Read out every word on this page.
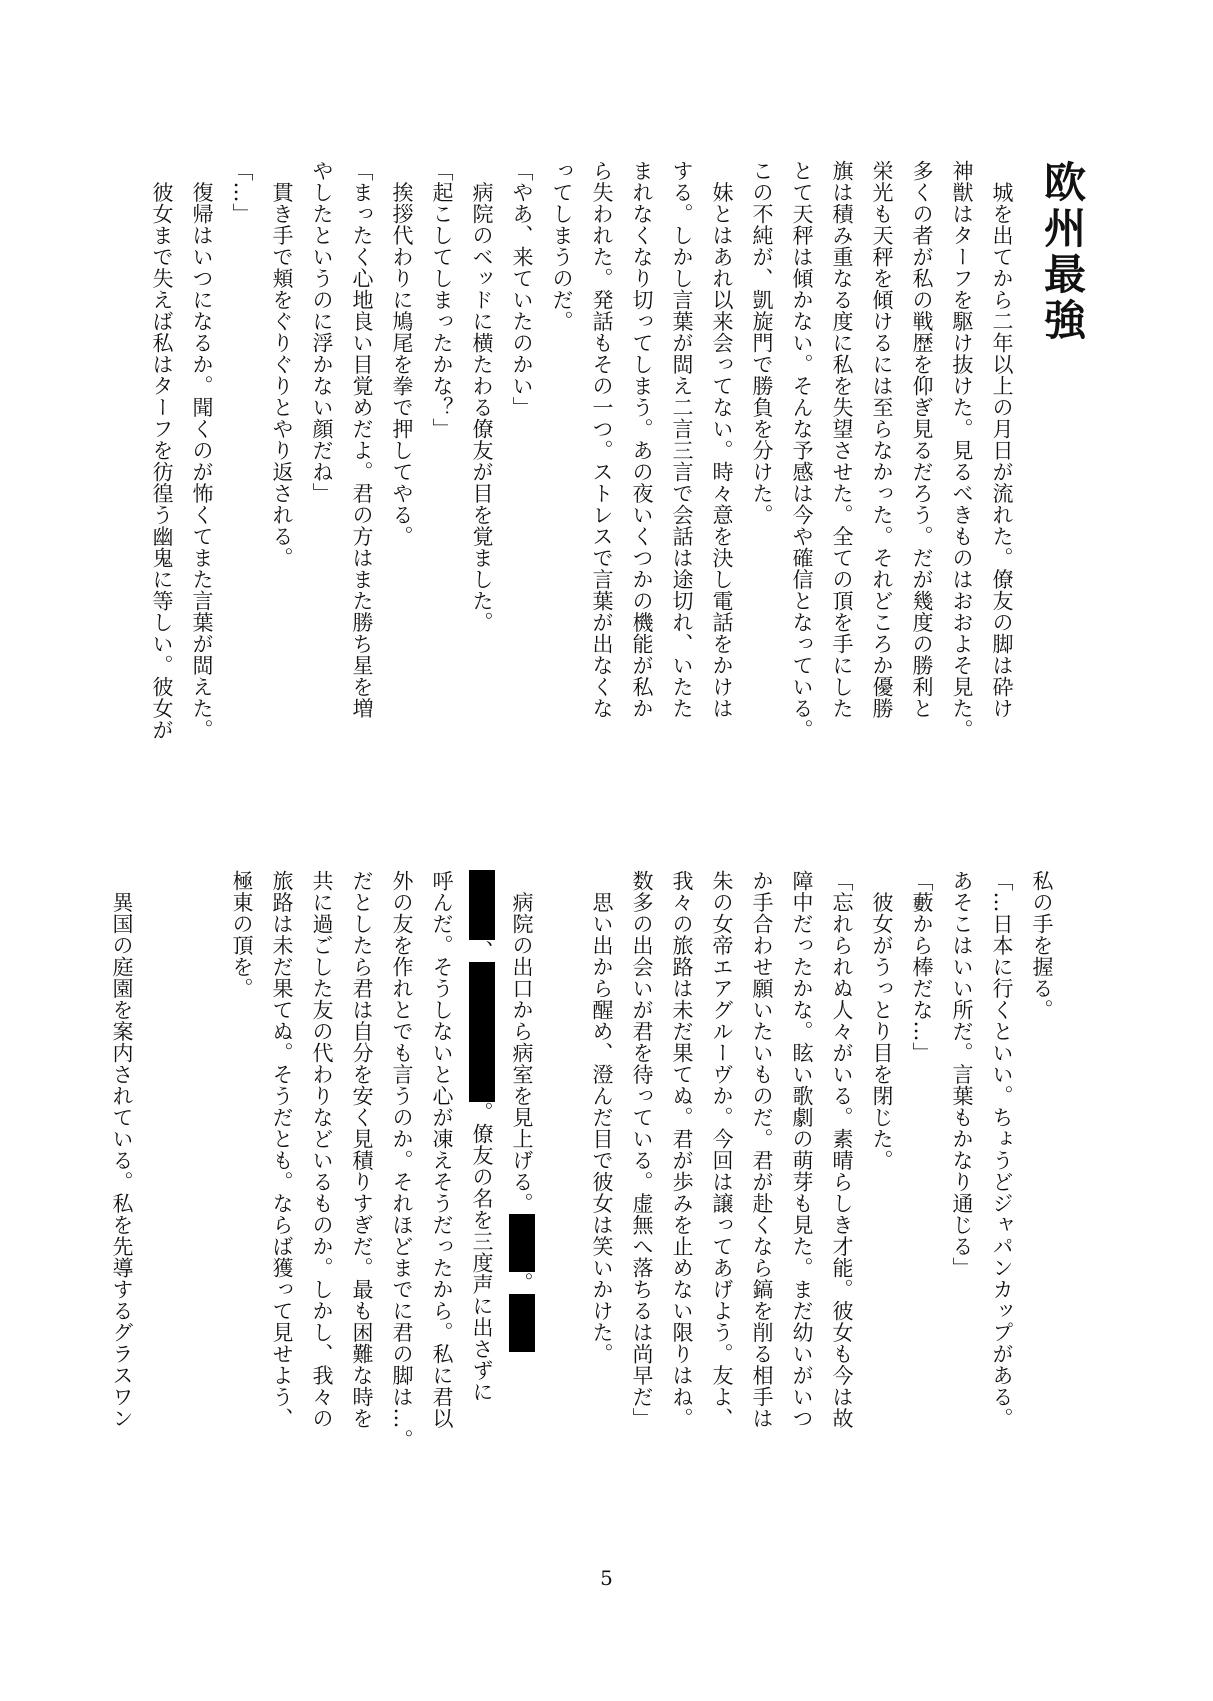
欧州最強

　城を出てから二年以上の月日が流れた。僚友の脚は砕け

神獣はターフを駆け抜けた。見るべきものはおおよそ見た。

多くの者が私の戦歴を仰ぎ見るだろう。だが幾度の勝利と

栄光も天秤を傾けるには至らなかった。それどころか優勝

旗は積み重なる度に私を失望させた。全ての頂を手にした

とて天秤は傾かない。そんな予感は今や確信となっている。

この不純が、凱旋門で勝負を分けた。

　妹とはあれ以来会ってない。時々意を決し電話をかけは

する。しかし言葉が閊え二言三言で会話は途切れ、いたた

まれなくなり切ってしまう。あの夜いくつかの機能が私か

ら失われた。発話もその一つ。ストレスで言葉が出なくな

ってしまうのだ。

「やあ、来ていたのかい」

　病院のベッドに横たわる僚友が目を覚ました。

「起こしてしまったかな？」

　挨拶代わりに鳩尾を拳で押してやる。

「まったく心地良い目覚めだよ。君の方はまた勝ち星を増

やしたというのに浮かない顔だね」

　貫き手で頬をぐりぐりとやり返される。

「…」

　復帰はいつになるか。聞くのが怖くてまた言葉が閊えた。

　彼女まで失えば私はターフを彷徨う幽鬼に等しい。彼女が

私の手を握る。

「…日本に行くといい。ちょうどジャパンカップがある。

あそこはいい所だ。言葉もかなり通じる」

「藪から棒だな…」

　彼女がうっとり目を閉じた。

「忘れられぬ人々がいる。素晴らしき才能。彼女も今は故

障中だったかな。眩い歌劇の萌芽も見た。まだ幼いがいつ

か手合わせ願いたいものだ。君が赴くなら鎬を削る相手は

朱の女帝エアグルーヴか。今回は譲ってあげよう。友よ、

我々の旅路は未だ果てぬ。君が歩みを止めない限りはね。

数多の出会いが君を待っている。虚無へ落ちるは尚早だ」

　思い出から醒め、澄んだ目で彼女は笑いかけた。

　病院の出口から病室を見上げる。。

、。僚友の名を三度声に出さずに

呼んだ。そうしないと心が凍えそうだったから。私に君以

外の友を作れとでも言うのか。それほどまでに君の脚は…。

だとしたら君は自分を安く見積りすぎだ。最も困難な時を

共に過ごした友の代わりなどいるものか。しかし、我々の

旅路は未だ果てぬ。そうだとも。ならば獲って見せよう、

極東の頂を。

　異国の庭園を案内されている。私を先導するグラスワン

5
